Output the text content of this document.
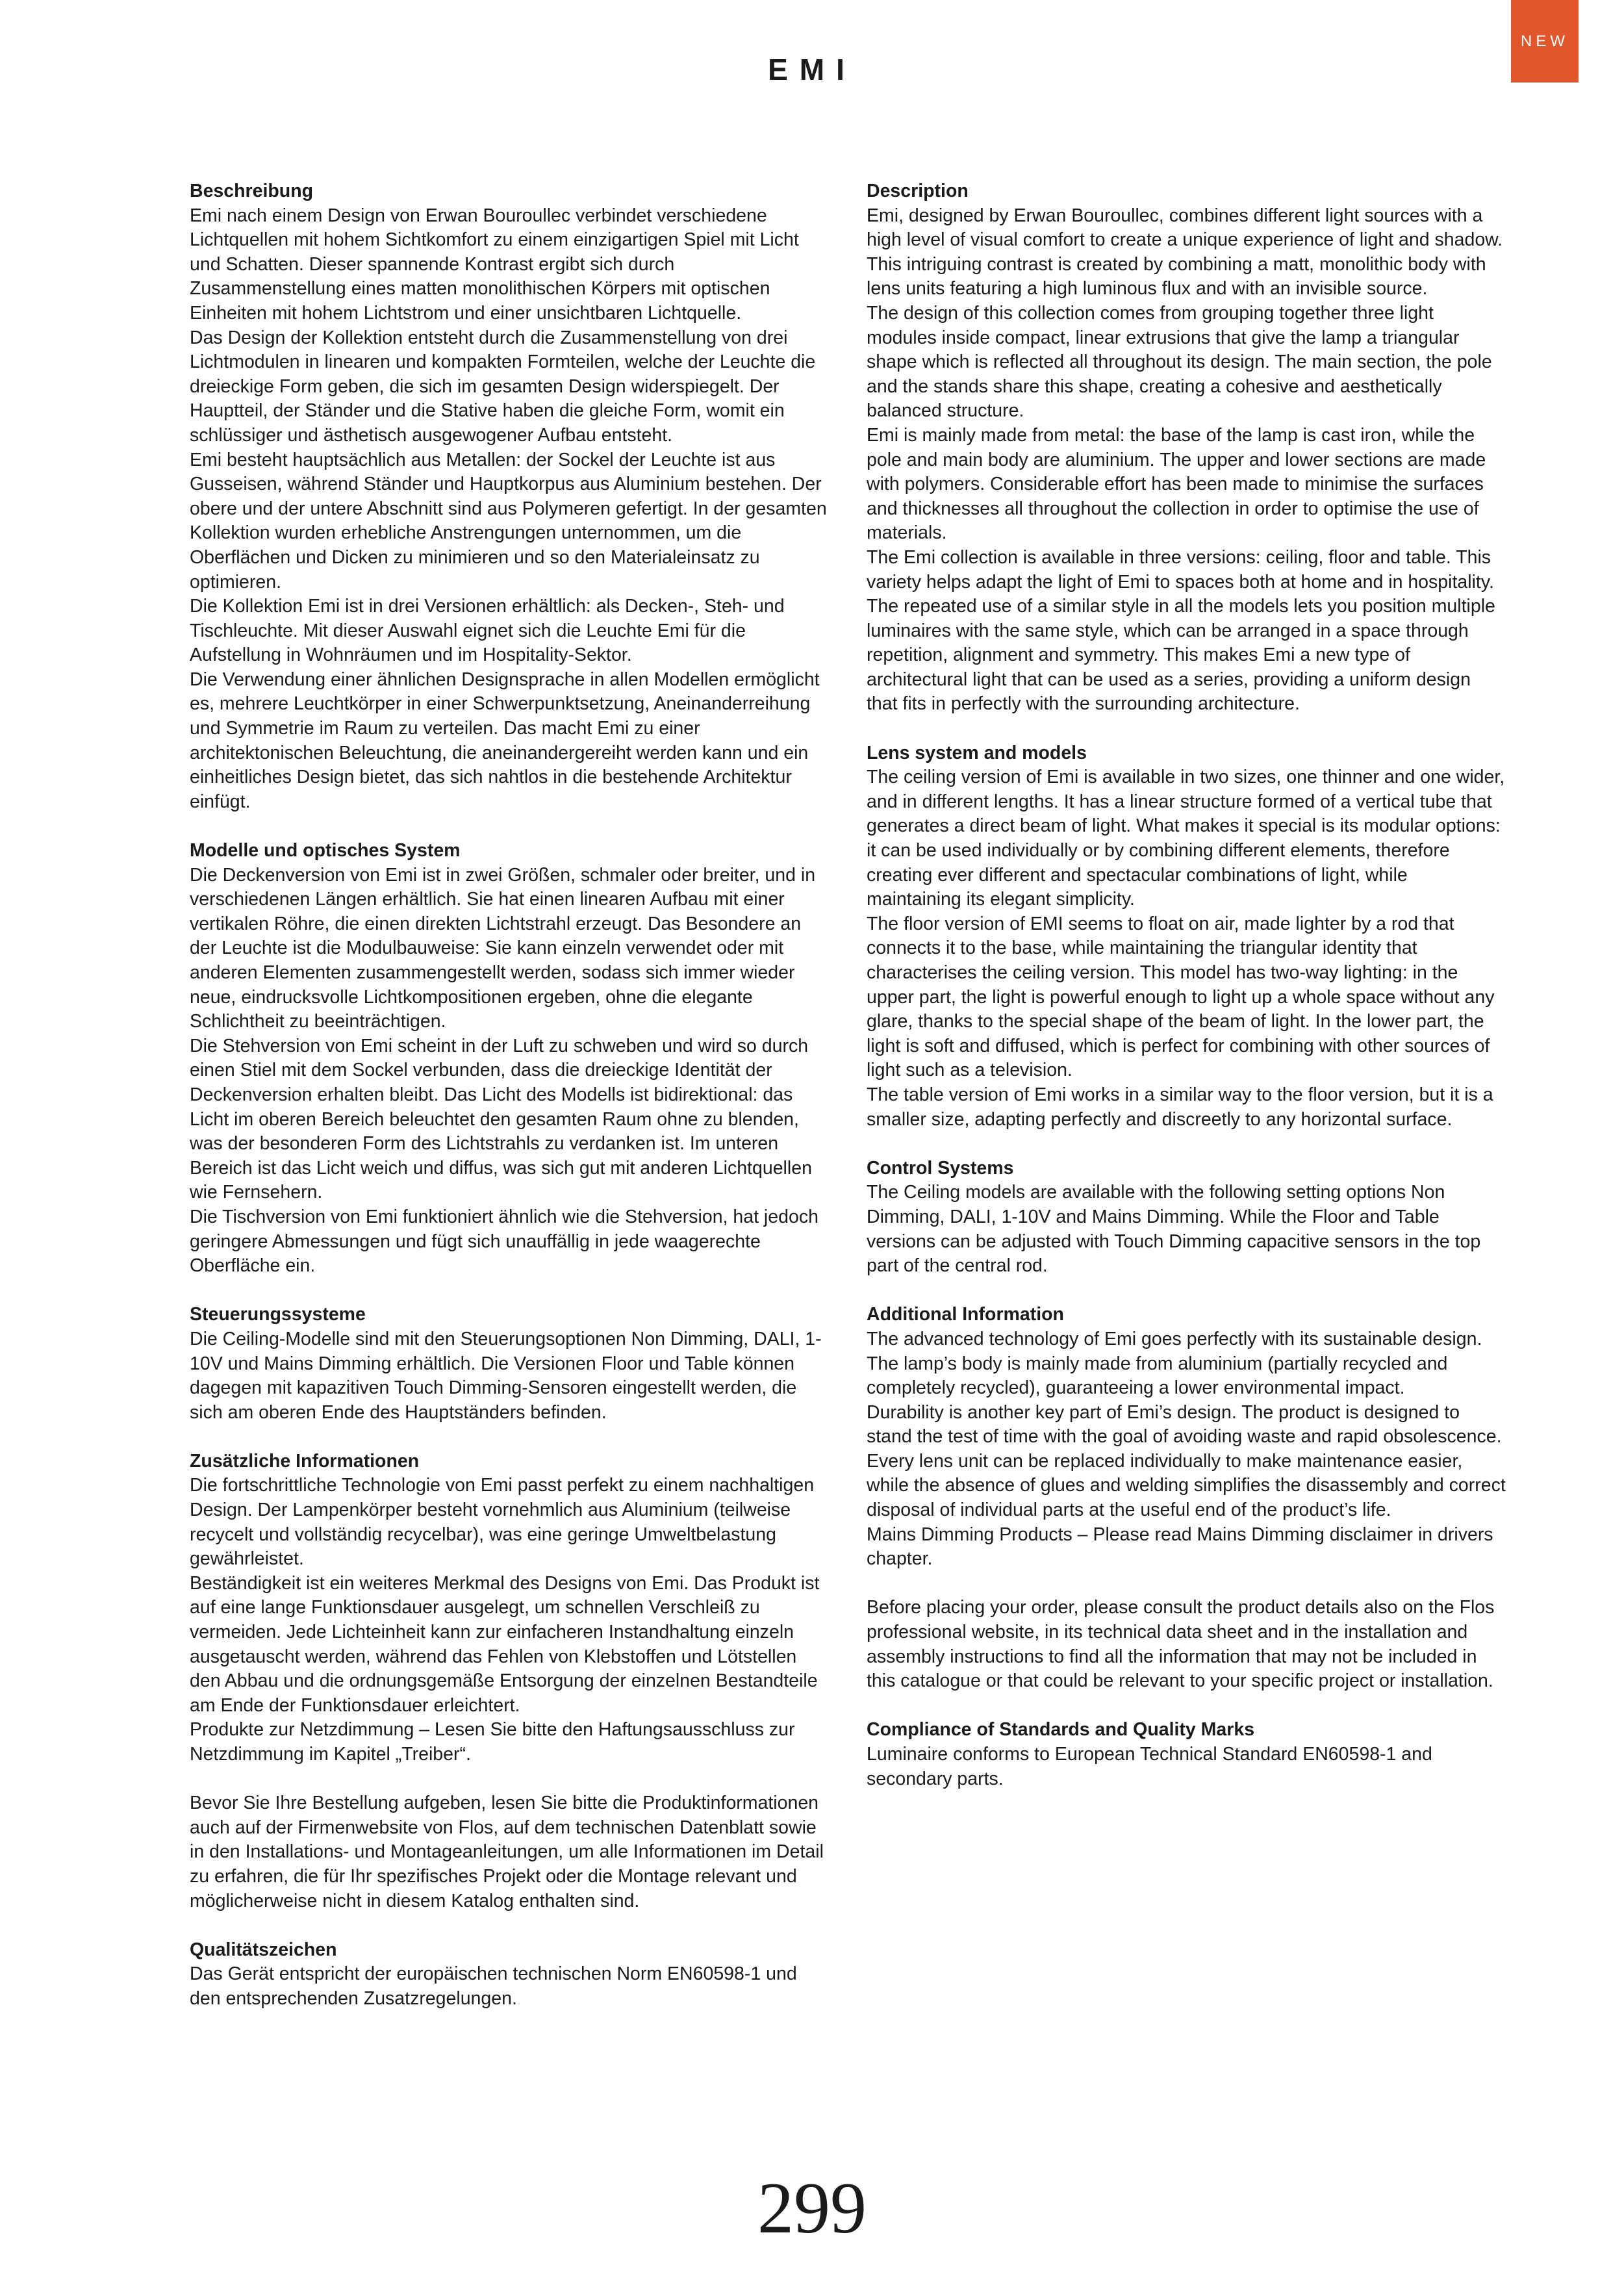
NEW
EMI
Beschreibung

Emi nach einem Design von Erwan Bouroullec verbindet verschiedene Lichtquellen mit hohem Sichtkomfort zu einem einzigartigen Spiel mit Licht und Schatten. Dieser spannende Kontrast ergibt sich durch Zusammenstellung eines matten monolithischen Körpers mit optischen Einheiten mit hohem Lichtstrom und einer unsichtbaren Lichtquelle.

Das Design der Kollektion entsteht durch die Zusammenstellung von drei Lichtmodulen in linearen und kompakten Formteilen, welche der Leuchte die dreieckige Form geben, die sich im gesamten Design widerspiegelt. Der Hauptteil, der Ständer und die Stative haben die gleiche Form, womit ein schlüssiger und ästhetisch ausgewogener Aufbau entsteht.

Emi besteht hauptsächlich aus Metallen: der Sockel der Leuchte ist aus Gusseisen, während Ständer und Hauptkorpus aus Aluminium bestehen. Der obere und der untere Abschnitt sind aus Polymeren gefertigt. In der gesamten Kollektion wurden erhebliche Anstrengungen unternommen, um die Oberflächen und Dicken zu minimieren und so den Materialeinsatz zu optimieren.

Die Kollektion Emi ist in drei Versionen erhältlich: als Decken-, Steh- und Tischleuchte. Mit dieser Auswahl eignet sich die Leuchte Emi für die Aufstellung in Wohnräumen und im Hospitality-Sektor.

Die Verwendung einer ähnlichen Designsprache in allen Modellen ermöglicht es, mehrere Leuchtkörper in einer Schwerpunktsetzung, Aneinanderreihung und Symmetrie im Raum zu verteilen. Das macht Emi zu einer architektonischen Beleuchtung, die aneinandergereiht werden kann und ein einheitliches Design bietet, das sich nahtlos in die bestehende Architektur einfügt.

Modelle und optisches System

Die Deckenversion von Emi ist in zwei Größen, schmaler oder breiter, und in verschiedenen Längen erhältlich. Sie hat einen linearen Aufbau mit einer vertikalen Röhre, die einen direkten Lichtstrahl erzeugt. Das Besondere an der Leuchte ist die Modulbauweise: Sie kann einzeln verwendet oder mit anderen Elementen zusammengestellt werden, sodass sich immer wieder neue, eindrucksvolle Lichtkompositionen ergeben, ohne die elegante Schlichtheit zu beeinträchtigen.

Die Stehversion von Emi scheint in der Luft zu schweben und wird so durch einen Stiel mit dem Sockel verbunden, dass die dreieckige Identität der Deckenversion erhalten bleibt. Das Licht des Modells ist bidirektional: das Licht im oberen Bereich beleuchtet den gesamten Raum ohne zu blenden, was der besonderen Form des Lichtstrahls zu verdanken ist. Im unteren Bereich ist das Licht weich und diffus, was sich gut mit anderen Lichtquellen wie Fernsehern.

Die Tischversion von Emi funktioniert ähnlich wie die Stehversion, hat jedoch geringere Abmessungen und fügt sich unauffällig in jede waagerechte Oberfläche ein.

Steuerungssysteme

Die Ceiling-Modelle sind mit den Steuerungsoptionen Non Dimming, DALI, 1-10V und Mains Dimming erhältlich. Die Versionen Floor und Table können dagegen mit kapazitiven Touch Dimming-Sensoren eingestellt werden, die sich am oberen Ende des Hauptständers befinden.

Zusätzliche Informationen

Die fortschrittliche Technologie von Emi passt perfekt zu einem nachhaltigen Design. Der Lampenkörper besteht vornehmlich aus Aluminium (teilweise recycelt und vollständig recycelbar), was eine geringe Umweltbelastung gewährleistet.

Beständigkeit ist ein weiteres Merkmal des Designs von Emi. Das Produkt ist auf eine lange Funktionsdauer ausgelegt, um schnellen Verschleiß zu vermeiden. Jede Lichteinheit kann zur einfacheren Instandhaltung einzeln ausgetauscht werden, während das Fehlen von Klebstoffen und Lötstellen den Abbau und die ordnungsgemäße Entsorgung der einzelnen Bestandteile am Ende der Funktionsdauer erleichtert.

Produkte zur Netzdimmung – Lesen Sie bitte den Haftungsausschluss zur Netzdimmung im Kapitel „Treiber“.

Bevor Sie Ihre Bestellung aufgeben, lesen Sie bitte die Produktinformationen auch auf der Firmenwebsite von Flos, auf dem technischen Datenblatt sowie in den Installations- und Montageanleitungen, um alle Informationen im Detail zu erfahren, die für Ihr spezifisches Projekt oder die Montage relevant und möglicherweise nicht in diesem Katalog enthalten sind.

Qualitätszeichen

Das Gerät entspricht der europäischen technischen Norm EN60598-1 und den entsprechenden Zusatzregelungen.

Description

Emi, designed by Erwan Bouroullec, combines different light sources with a high level of visual comfort to create a unique experience of light and shadow. This intriguing contrast is created by combining a matt, monolithic body with lens units featuring a high luminous flux and with an invisible source.

The design of this collection comes from grouping together three light modules inside compact, linear extrusions that give the lamp a triangular shape which is reflected all throughout its design. The main section, the pole and the stands share this shape, creating a cohesive and aesthetically balanced structure.

Emi is mainly made from metal: the base of the lamp is cast iron, while the pole and main body are aluminium. The upper and lower sections are made with polymers. Considerable effort has been made to minimise the surfaces and thicknesses all throughout the collection in order to optimise the use of materials.

The Emi collection is available in three versions: ceiling, floor and table. This variety helps adapt the light of Emi to spaces both at home and in hospitality.

The repeated use of a similar style in all the models lets you position multiple luminaires with the same style, which can be arranged in a space through repetition, alignment and symmetry. This makes Emi a new type of architectural light that can be used as a series, providing a uniform design that fits in perfectly with the surrounding architecture.

Lens system and models

The ceiling version of Emi is available in two sizes, one thinner and one wider, and in different lengths. It has a linear structure formed of a vertical tube that generates a direct beam of light. What makes it special is its modular options: it can be used individually or by combining different elements, therefore creating ever different and spectacular combinations of light, while maintaining its elegant simplicity.

The floor version of EMI seems to float on air, made lighter by a rod that connects it to the base, while maintaining the triangular identity that characterises the ceiling version. This model has two-way lighting: in the upper part, the light is powerful enough to light up a whole space without any glare, thanks to the special shape of the beam of light. In the lower part, the light is soft and diffused, which is perfect for combining with other sources of light such as a television.

The table version of Emi works in a similar way to the floor version, but it is a smaller size, adapting perfectly and discreetly to any horizontal surface.

Control Systems

The Ceiling models are available with the following setting options Non Dimming, DALI, 1-10V and Mains Dimming. While the Floor and Table versions can be adjusted with Touch Dimming capacitive sensors in the top part of the central rod.

Additional Information

The advanced technology of Emi goes perfectly with its sustainable design. The lamp’s body is mainly made from aluminium (partially recycled and completely recycled), guaranteeing a lower environmental impact.

Durability is another key part of Emi’s design. The product is designed to stand the test of time with the goal of avoiding waste and rapid obsolescence. Every lens unit can be replaced individually to make maintenance easier, while the absence of glues and welding simplifies the disassembly and correct disposal of individual parts at the useful end of the product’s life.

Mains Dimming Products – Please read Mains Dimming disclaimer in drivers chapter.

Before placing your order, please consult the product details also on the Flos professional website, in its technical data sheet and in the installation and assembly instructions to find all the information that may not be included in this catalogue or that could be relevant to your specific project or installation.

Compliance of Standards and Quality Marks

Luminaire conforms to European Technical Standard EN60598-1 and secondary parts.

299
